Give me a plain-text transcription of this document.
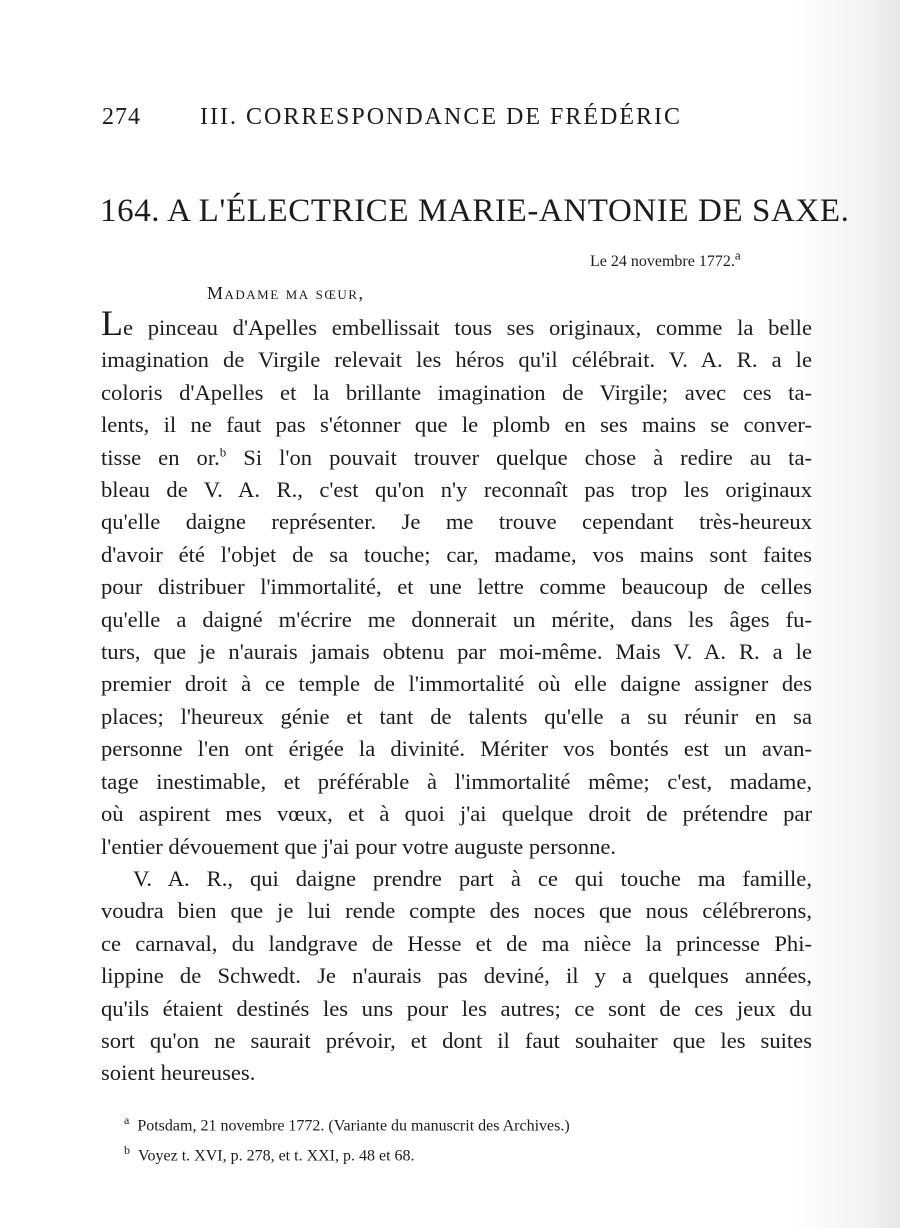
274 III. CORRESPONDANCE DE FRÉDÉRIC
164. A L'ÉLECTRICE MARIE-ANTONIE DE SAXE.
Le 24 novembre 1772.$^a$
Madame ma sœur,
Le pinceau d'Apelles embellissait tous ses originaux, comme la belle
imagination de Virgile relevait les héros qu'il célébrait. V. A. R. a le
coloris d'Apelles et la brillante imagination de Virgile; avec ces ta-
lents, il ne faut pas s'étonner que le plomb en ses mains se conver-
tisse en or.$^b$ Si l'on pouvait trouver quelque chose à redire au ta-
bleau de V. A. R., c'est qu'on n'y reconnaît pas trop les originaux
qu'elle daigne représenter. Je me trouve cependant très-heureux
d'avoir été l'objet de sa touche; car, madame, vos mains sont faites
pour distribuer l'immortalité, et une lettre comme beaucoup de celles
qu'elle a daigné m'écrire me donnerait un mérite, dans les âges fu-
turs, que je n'aurais jamais obtenu par moi-même. Mais V. A. R. a le
premier droit à ce temple de l'immortalité où elle daigne assigner des
places; l'heureux génie et tant de talents qu'elle a su réunir en sa
personne l'en ont érigée la divinité. Mériter vos bontés est un avan-
tage inestimable, et préférable à l'immortalité même; c'est, madame,
où aspirent mes vœux, et à quoi j'ai quelque droit de prétendre par
l'entier dévouement que j'ai pour votre auguste personne.
V. A. R., qui daigne prendre part à ce qui touche ma famille,
voudra bien que je lui rende compte des noces que nous célébrerons,
ce carnaval, du landgrave de Hesse et de ma nièce la princesse Phi-
lippine de Schwedt. Je n'aurais pas deviné, il y a quelques années,
qu'ils étaient destinés les uns pour les autres; ce sont de ces jeux du
sort qu'on ne saurait prévoir, et dont il faut souhaiter que les suites
soient heureuses.
$^a$ Potsdam, 21 novembre 1772. (Variante du manuscrit des Archives.)
$^b$ Voyez t. XVI, p. 278, et t. XXI, p. 48 et 68.
